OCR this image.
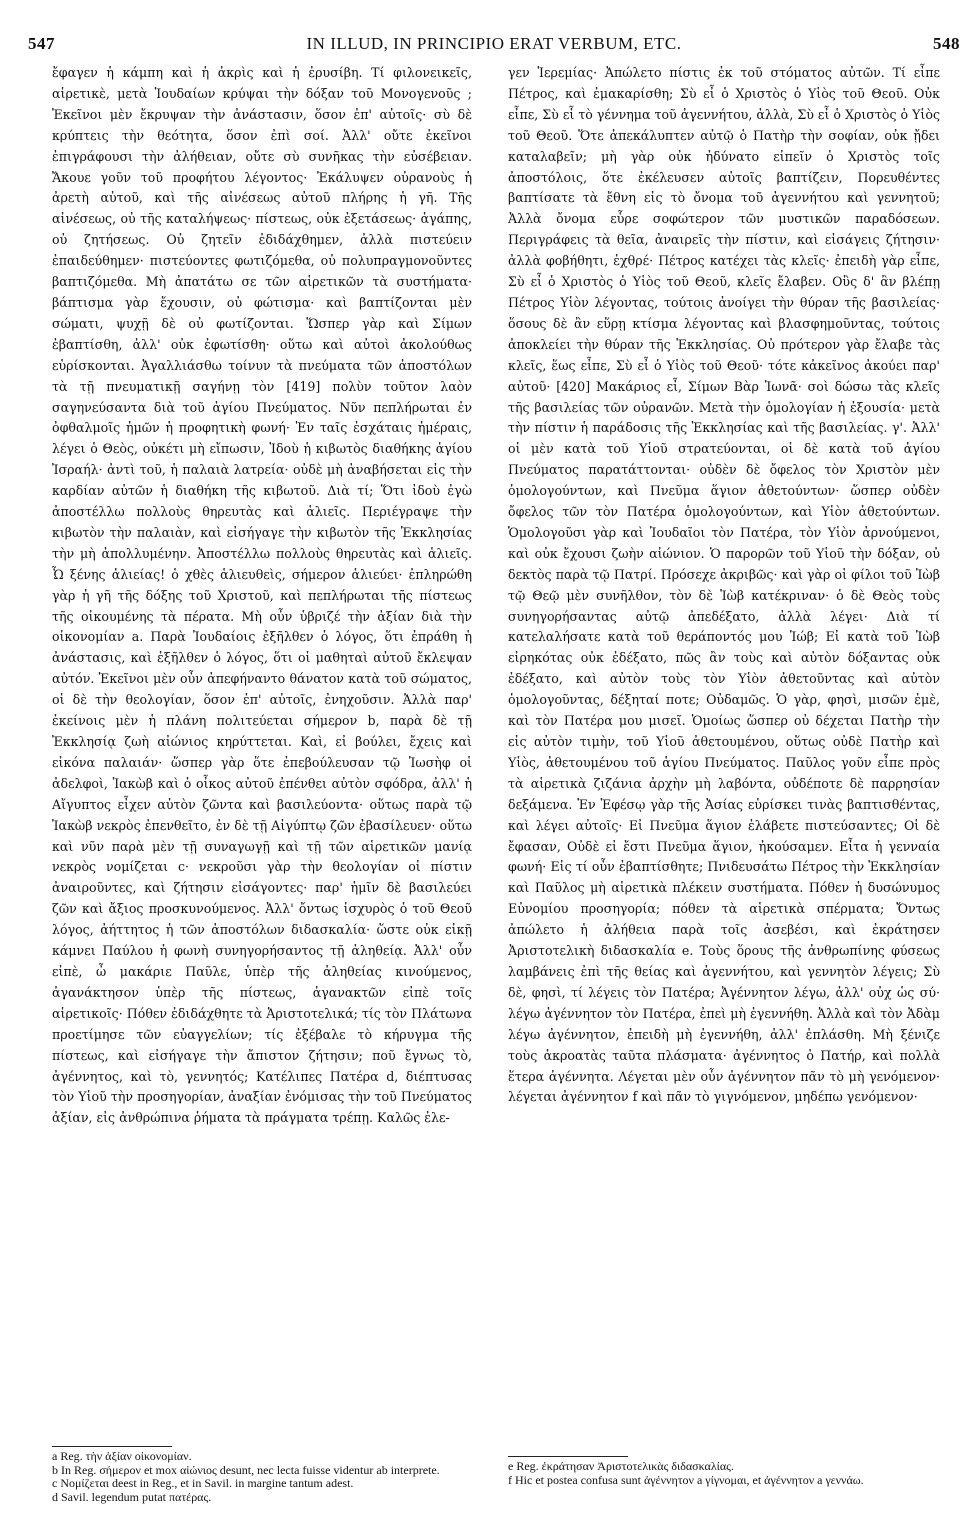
547	IN ILLUD, IN PRINCIPIO ERAT VERBUM, ETC.	548

ἔφαγεν ἡ κάμπη καὶ ἡ ἀκρὶς καὶ ἡ ἐρυσίβη. Τί φιλονεικεῖς, αἱρετικὲ, μετὰ Ἰουδαίων κρύψαι τὴν δόξαν τοῦ Μονογενοῦς ; Ἐκεῖνοι μὲν ἔκρυψαν τὴν ἀνάστασιν, ὅσον ἐπ' αὐτοῖς· σὺ δὲ κρύπτεις τὴν θεότητα, ὅσον ἐπὶ σοί. Ἀλλ' οὔτε ἐκεῖνοι ἐπιγράφουσι τὴν ἀλήθειαν, οὔτε σὺ συνῆκας τὴν εὐσέβειαν. Ἄκουε γοῦν τοῦ προφήτου λέγοντος· Ἐκάλυψεν οὐρανοὺς ἡ ἀρετὴ αὐτοῦ, καὶ τῆς αἰνέσεως αὐτοῦ πλήρης ἡ γῆ. Τῆς αἰνέσεως, οὐ τῆς καταλήψεως· πίστεως, οὐκ ἐξετάσεως· ἀγάπης, οὐ ζητήσεως. Οὐ ζητεῖν ἐδιδάχθημεν, ἀλλὰ πιστεύειν ἐπαιδεύθημεν· πιστεύοντες φωτιζόμεθα, οὐ πολυπραγμονοῦντες βαπτιζόμεθα. Μὴ ἀπατάτω σε τῶν αἱρετικῶν τὰ συστήματα· βάπτισμα γὰρ ἔχουσιν, οὐ φώτισμα· καὶ βαπτίζονται μὲν σώματι, ψυχῇ δὲ οὐ φωτίζονται. Ὥσπερ γὰρ καὶ Σίμων ἐβαπτίσθη, ἀλλ' οὐκ ἐφωτίσθη· οὕτω καὶ αὐτοὶ ἀκολούθως εὑρίσκονται. Ἀγαλλιάσθω τοίνυν τὰ πνεύματα τῶν ἀποστόλων τὰ τῇ πνευματικῇ σαγήνῃ τὸν [419] πολὺν τοῦτον λαὸν σαγηνεύσαντα διὰ τοῦ ἁγίου Πνεύματος. Νῦν πεπλήρωται ἐν ὀφθαλμοῖς ἡμῶν ἡ προφητικὴ φωνή· Ἐν ταῖς ἐσχάταις ἡμέραις, λέγει ὁ Θεὸς, οὐκέτι μὴ εἴπωσιν, Ἰδοὺ ἡ κιβωτὸς διαθήκης ἁγίου Ἰσραήλ· ἀντὶ τοῦ, ἡ παλαιὰ λατρεία· οὐδὲ μὴ ἀναβήσεται εἰς τὴν καρδίαν αὐτῶν ἡ διαθήκη τῆς κιβωτοῦ. Διὰ τί; Ὅτι ἰδοὺ ἐγὼ ἀποστέλλω πολλοὺς θηρευτὰς καὶ ἁλιεῖς. Περιέγραψε τὴν κιβωτὸν τὴν παλαιὰν, καὶ εἰσήγαγε τὴν κιβωτὸν τῆς Ἐκκλησίας τὴν μὴ ἀπολλυμένην. Ἀποστέλλω πολλοὺς θηρευτὰς καὶ ἁλιεῖς. Ὦ ξένης ἁλιείας! ὁ χθὲς ἁλιευθεὶς, σήμερον ἁλιεύει· ἐπληρώθη γὰρ ἡ γῆ τῆς δόξης τοῦ Χριστοῦ, καὶ πεπλήρωται τῆς πίστεως τῆς οἰκουμένης τὰ πέρατα. Μὴ οὖν ὑβριζέ τὴν ἀξίαν διὰ τὴν οἰκονομίαν a. Παρὰ Ἰουδαίοις ἐξῆλθεν ὁ λόγος, ὅτι ἐπράθη ἡ ἀνάστασις, καὶ ἐξῆλθεν ὁ λόγος, ὅτι οἱ μαθηταὶ αὐτοῦ ἔκλεψαν αὐτόν. Ἐκεῖνοι μὲν οὖν ἀπεφήναντο θάνατον κατὰ τοῦ σώματος, οἱ δὲ τὴν θεολογίαν, ὅσον ἐπ' αὐτοῖς, ἐνηχοῦσιν. Ἀλλὰ παρ' ἐκείνοις μὲν ἡ πλάνη πολιτεύεται σήμερον b, παρὰ δὲ τῇ Ἐκκλησίᾳ ζωὴ αἰώνιος κηρύττεται. Καὶ, εἰ βούλει, ἔχεις καὶ εἰκόνα παλαιάν· ὥσπερ γὰρ ὅτε ἐπεβούλευσαν τῷ Ἰωσὴφ οἱ ἀδελφοὶ, Ἰακὼβ καὶ ὁ οἶκος αὐτοῦ ἐπένθει αὐτὸν σφόδρα, ἀλλ' ἡ Αἴγυπτος εἶχεν αὐτὸν ζῶντα καὶ βασιλεύοντα· οὕτως παρὰ τῷ Ἰακὼβ νεκρὸς ἐπενθεῖτο, ἐν δὲ τῇ Αἰγύπτῳ ζῶν ἐβασίλευεν· οὕτω καὶ νῦν παρὰ μὲν τῇ συναγωγῇ καὶ τῇ τῶν αἱρετικῶν μανίᾳ νεκρὸς νομίζεται c· νεκροῦσι γὰρ τὴν θεολογίαν οἱ πίστιν ἀναιροῦντες, καὶ ζήτησιν εἰσάγοντες· παρ' ἡμῖν δὲ βασιλεύει ζῶν καὶ ἄξιος προσκυνούμενος. Ἀλλ' ὄντως ἰσχυρὸς ὁ τοῦ Θεοῦ λόγος, ἀήττητος ἡ τῶν ἀποστόλων διδασκαλία· ὥστε οὐκ εἰκῇ κάμνει Παύλου ἡ φωνὴ συνηγορήσαντος τῇ ἀληθείᾳ. Ἀλλ' οὖν εἰπὲ, ὦ μακάριε Παῦλε, ὑπὲρ τῆς ἀληθείας κινούμενος, ἀγανάκτησον ὑπὲρ τῆς πίστεως, ἀγανακτῶν εἰπὲ τοῖς αἱρετικοῖς· Πόθεν ἐδιδάχθητε τὰ Ἀριστοτελικά; τίς τὸν Πλάτωνα προετίμησε τῶν εὐαγγελίων; τίς ἐξέβαλε τὸ κήρυγμα τῆς πίστεως, καὶ εἰσήγαγε τὴν ἄπιστον ζήτησιν; ποῦ ἔγνως τὸ, ἀγέννητος, καὶ τὸ, γεννητός; Κατέλιπες Πατέρα d, διέπτυσας τὸν Υἱοῦ τὴν προσηγορίαν, ἀναξίαν ἐνόμισας τὴν τοῦ Πνεύματος ἀξίαν, εἰς ἀνθρώπινα ῥήματα τὰ πράγματα τρέπῃ. Καλῶς ἐλε-

γεν Ἱερεμίας· Ἀπώλετο πίστις ἐκ τοῦ στόματος αὐτῶν. Τί εἶπε Πέτρος, καὶ ἐμακαρίσθη; Σὺ εἶ ὁ Χριστὸς ὁ Υἱὸς τοῦ Θεοῦ. Οὐκ εἶπε, Σὺ εἶ τὸ γέννημα τοῦ ἀγεννήτου, ἀλλὰ, Σὺ εἶ ὁ Χριστὸς ὁ Υἱὸς τοῦ Θεοῦ. Ὅτε ἀπεκάλυπτεν αὐτῷ ὁ Πατὴρ τὴν σοφίαν, οὐκ ᾔδει καταλαβεῖν; μὴ γὰρ οὐκ ἠδύνατο εἰπεῖν ὁ Χριστὸς τοῖς ἀποστόλοις, ὅτε ἐκέλευσεν αὐτοῖς βαπτίζειν, Πορευθέντες βαπτίσατε τὰ ἔθνη εἰς τὸ ὄνομα τοῦ ἀγεννήτου καὶ γεννητοῦ; Ἀλλὰ ὄνομα εὗρε σοφώτερον τῶν μυστικῶν παραδόσεων. Περιγράφεις τὰ θεῖα, ἀναιρεῖς τὴν πίστιν, καὶ εἰσάγεις ζήτησιν· ἀλλὰ φοβήθητι, ἐχθρέ· Πέτρος κατέχει τὰς κλεῖς· ἐπειδὴ γὰρ εἶπε, Σὺ εἶ ὁ Χριστὸς ὁ Υἱὸς τοῦ Θεοῦ, κλεῖς ἔλαβεν. Οὓς δ' ἂν βλέπῃ Πέτρος Υἱὸν λέγοντας, τούτοις ἀνοίγει τὴν θύραν τῆς βασιλείας· ὅσους δὲ ἂν εὕρῃ κτίσμα λέγοντας καὶ βλασφημοῦντας, τούτοις ἀποκλείει τὴν θύραν τῆς Ἐκκλησίας. Οὐ πρότερον γὰρ ἔλαβε τὰς κλεῖς, ἕως εἶπε, Σὺ εἶ ὁ Υἱὸς τοῦ Θεοῦ· τότε κἀκεῖνος ἀκούει παρ' αὐτοῦ· [420] Μακάριος εἶ, Σίμων Βὰρ Ἰωνᾶ· σοὶ δώσω τὰς κλεῖς τῆς βασιλείας τῶν οὐρανῶν. Μετὰ τὴν ὁμολογίαν ἡ ἐξουσία· μετὰ τὴν πίστιν ἡ παράδοσις τῆς Ἐκκλησίας καὶ τῆς βασιλείας. γ'. Ἀλλ' οἱ μὲν κατὰ τοῦ Υἱοῦ στρατεύονται, οἱ δὲ κατὰ τοῦ ἁγίου Πνεύματος παρατάττονται· οὐδὲν δὲ ὄφελος τὸν Χριστὸν μὲν ὁμολογούντων, καὶ Πνεῦμα ἅγιον ἀθετούντων· ὥσπερ οὐδὲν ὄφελος τῶν τὸν Πατέρα ὁμολογούντων, καὶ Υἱὸν ἀθετούντων. Ὁμολογοῦσι γὰρ καὶ Ἰουδαῖοι τὸν Πατέρα, τὸν Υἱὸν ἀρνούμενοι, καὶ οὐκ ἔχουσι ζωὴν αἰώνιον. Ὁ παρορῶν τοῦ Υἱοῦ τὴν δόξαν, οὐ δεκτὸς παρὰ τῷ Πατρί. Πρόσεχε ἀκριβῶς· καὶ γὰρ οἱ φίλοι τοῦ Ἰὼβ τῷ Θεῷ μὲν συνῆλθον, τὸν δὲ Ἰὼβ κατέκριναν· ὁ δὲ Θεὸς τοὺς συνηγορήσαντας αὐτῷ ἀπεδέξατο, ἀλλὰ λέγει· Διὰ τί κατελαλήσατε κατὰ τοῦ θεράποντός μου Ἰώβ; Εἰ κατὰ τοῦ Ἰὼβ εἰρηκότας οὐκ ἐδέξατο, πῶς ἂν τοὺς καὶ αὐτὸν δόξαντας οὐκ ἐδέξατο, καὶ αὐτὸν τοὺς τὸν Υἱὸν ἀθετοῦντας καὶ αὐτὸν ὁμολογοῦντας, δέξηταί ποτε; Οὐδαμῶς. Ὁ γὰρ, φησὶ, μισῶν ἐμὲ, καὶ τὸν Πατέρα μου μισεῖ. Ὁμοίως ὥσπερ οὐ δέχεται Πατὴρ τὴν εἰς αὐτὸν τιμὴν, τοῦ Υἱοῦ ἀθετουμένου, οὕτως οὐδὲ Πατὴρ καὶ Υἱὸς, ἀθετουμένου τοῦ ἁγίου Πνεύματος. Παῦλος γοῦν εἶπε πρὸς τὰ αἱρετικὰ ζιζάνια ἀρχὴν μὴ λαβόντα, οὐδέποτε δὲ παρρησίαν δεξάμενα. Ἐν Ἐφέσῳ γὰρ τῆς Ἀσίας εὑρίσκει τινὰς βαπτισθέντας, καὶ λέγει αὐτοῖς· Εἰ Πνεῦμα ἅγιον ἐλάβετε πιστεύσαντες; Οἱ δὲ ἔφασαν, Οὐδὲ εἰ ἔστι Πνεῦμα ἅγιον, ἠκούσαμεν. Εἶτα ἡ γενναία φωνή· Εἰς τί οὖν ἐβαπτίσθητε; Πνιδευσάτω Πέτρος τὴν Ἐκκλησίαν καὶ Παῦλος μὴ αἱρετικὰ πλέκειν συστήματα. Πόθεν ἡ δυσώνυμος Εὐνομίου προσηγορία; πόθεν τὰ αἱρετικὰ σπέρματα; Ὄντως ἀπώλετο ἡ ἀλήθεια παρὰ τοῖς ἀσεβέσι, καὶ ἐκράτησεν Ἀριστοτελικὴ διδασκαλία e. Τοὺς ὅρους τῆς ἀνθρωπίνης φύσεως λαμβάνεις ἐπὶ τῆς θείας καὶ ἀγεννήτου, καὶ γεννητὸν λέγεις; Σὺ δὲ, φησὶ, τί λέγεις τὸν Πατέρα; Ἀγέννητον λέγω, ἀλλ' οὐχ ὡς σύ· λέγω ἀγέννητον τὸν Πατέρα, ἐπεὶ μὴ ἐγεννήθη. Ἀλλὰ καὶ τὸν Ἀδὰμ λέγω ἀγέννητον, ἐπειδὴ μὴ ἐγεννήθη, ἀλλ' ἐπλάσθη. Μὴ ξένιζε τοὺς ἀκροατὰς ταῦτα πλάσματα· ἀγέννητος ὁ Πατήρ, καὶ πολλὰ ἕτερα ἀγέννητα. Λέγεται μὲν οὖν ἀγέννητον πᾶν τὸ μὴ γενόμενον· λέγεται ἀγέννητον f καὶ πᾶν τὸ γιγνόμενον, μηδέπω γενόμενον·

a Reg. τὴν ἀξίαν οἰκονομίαν.

b In Reg. σήμερον et mox αἰώνιος desunt, nec lecta fuisse videntur ab interprete.

c Νομίζεται deest in Reg., et in Savil. in margine tantum adest.

d Savil. legendum putat πατέρας.

e Reg. ἐκράτησαν Ἀριστοτελικὰς διδασκαλίας.

f Hic et postea confusa sunt ἀγέννητον a γίγνομαι, et ἀγέννητον a γεννάω.
